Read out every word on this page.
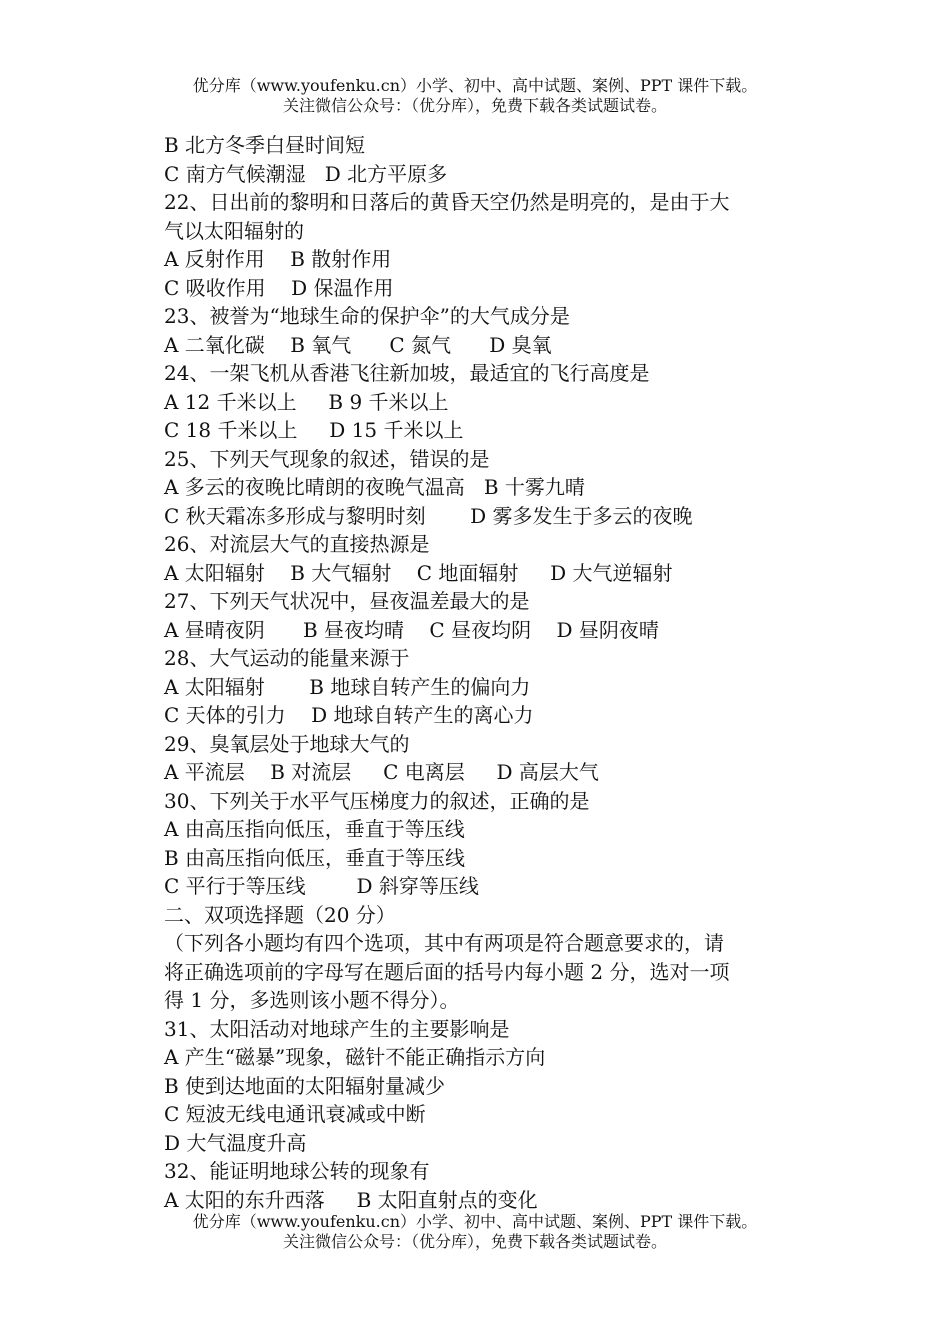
优分库（www.youfenku.cn）小学、初中、高中试题、案例、PPT 课件下载。
关注微信公众号：（优分库），免费下载各类试题试卷。
B 北方冬季白昼时间短
C 南方气候潮湿   D 北方平原多
22、日出前的黎明和日落后的黄昏天空仍然是明亮的，是由于大
气以太阳辐射的
A 反射作用    B 散射作用
C 吸收作用    D 保温作用
23、被誉为“地球生命的保护伞”的大气成分是
A 二氧化碳    B 氧气      C 氮气      D 臭氧
24、一架飞机从香港飞往新加坡，最适宜的飞行高度是
A 12 千米以上     B 9 千米以上
C 18 千米以上     D 15 千米以上
25、下列天气现象的叙述，错误的是
A 多云的夜晚比晴朗的夜晚气温高   B 十雾九晴
C 秋天霜冻多形成与黎明时刻       D 雾多发生于多云的夜晚
26、对流层大气的直接热源是
A 太阳辐射    B 大气辐射    C 地面辐射     D 大气逆辐射
27、下列天气状况中，昼夜温差最大的是
A 昼晴夜阴      B 昼夜均晴    C 昼夜均阴    D 昼阴夜晴
28、大气运动的能量来源于
A 太阳辐射       B 地球自转产生的偏向力
C 天体的引力    D 地球自转产生的离心力
29、臭氧层处于地球大气的
A 平流层    B 对流层     C 电离层     D 高层大气
30、下列关于水平气压梯度力的叙述，正确的是
A 由高压指向低压，垂直于等压线
B 由高压指向低压，垂直于等压线
C 平行于等压线        D 斜穿等压线
二、双项选择题（20 分）
（下列各小题均有四个选项，其中有两项是符合题意要求的，请
将正确选项前的字母写在题后面的括号内每小题 2 分，选对一项
得 1 分，多选则该小题不得分）。
31、太阳活动对地球产生的主要影响是
A 产生“磁暴”现象，磁针不能正确指示方向
B 使到达地面的太阳辐射量减少
C 短波无线电通讯衰减或中断
D 大气温度升高
32、能证明地球公转的现象有
A 太阳的东升西落     B 太阳直射点的变化
优分库（www.youfenku.cn）小学、初中、高中试题、案例、PPT 课件下载。
关注微信公众号：（优分库），免费下载各类试题试卷。
